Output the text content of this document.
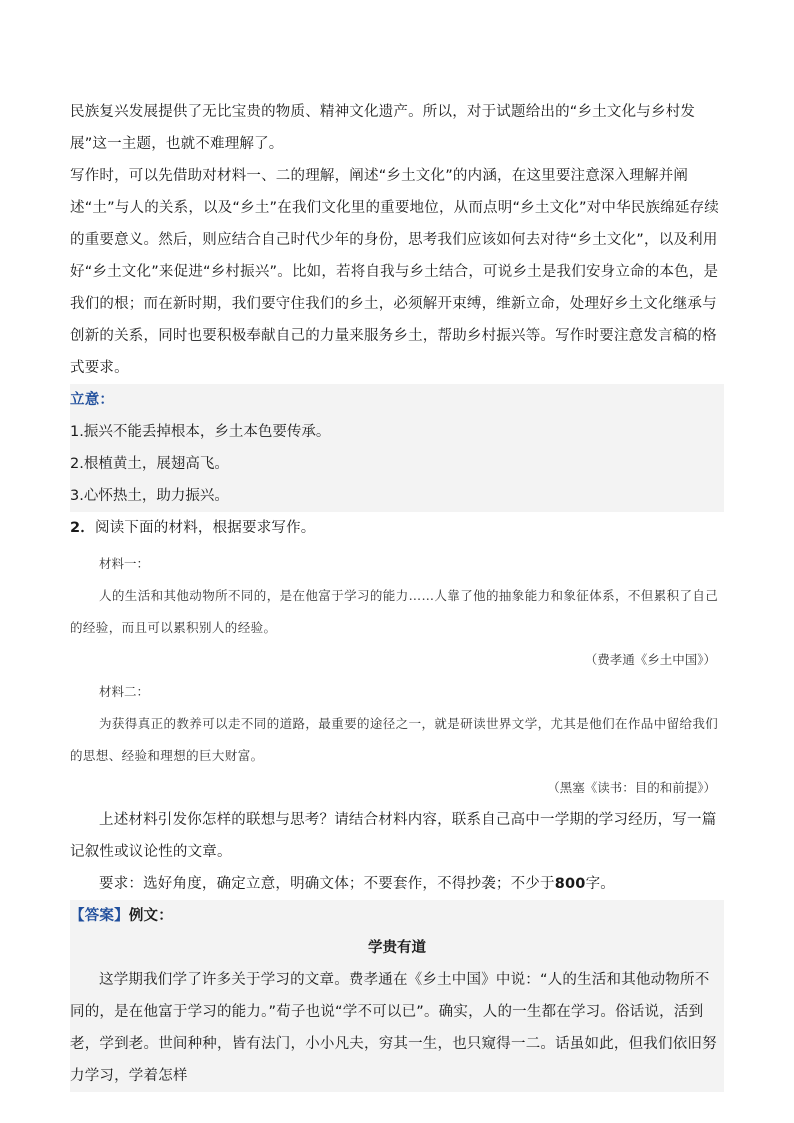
民族复兴发展提供了无比宝贵的物质、精神文化遗产。所以，对于试题给出的“乡土文化与乡村发展”这一主题，也就不难理解了。

写作时，可以先借助对材料一、二的理解，阐述“乡土文化”的内涵，在这里要注意深入理解并阐述“土”与人的关系，以及“乡土”在我们文化里的重要地位，从而点明“乡土文化”对中华民族绵延存续的重要意义。然后，则应结合自己时代少年的身份，思考我们应该如何去对待“乡土文化”，以及利用好“乡土文化”来促进“乡村振兴”。比如，若将自我与乡土结合，可说乡土是我们安身立命的本色，是我们的根；而在新时期，我们要守住我们的乡土，必须解开束缚，维新立命，处理好乡土文化继承与创新的关系，同时也要积极奉献自己的力量来服务乡土，帮助乡村振兴等。写作时要注意发言稿的格式要求。

立意：

1.振兴不能丢掉根本，乡土本色要传承。

2.根植黄土，展翅高飞。

3.心怀热土，助力振兴。

2．阅读下面的材料，根据要求写作。

材料一：

人的生活和其他动物所不同的，是在他富于学习的能力……人靠了他的抽象能力和象征体系，不但累积了自己的经验，而且可以累积别人的经验。

（费孝通《乡土中国》）

材料二：

为获得真正的教养可以走不同的道路，最重要的途径之一，就是研读世界文学，尤其是他们在作品中留给我们的思想、经验和理想的巨大财富。

（黑塞《读书：目的和前提》）

上述材料引发你怎样的联想与思考？请结合材料内容，联系自己高中一学期的学习经历，写一篇记叙性或议论性的文章。

要求：选好角度，确定立意，明确文体；不要套作，不得抄袭；不少于800字。

【答案】例文：

学贵有道

这学期我们学了许多关于学习的文章。费孝通在《乡土中国》中说：“人的生活和其他动物所不同的，是在他富于学习的能力。”荀子也说“学不可以已”。确实，人的一生都在学习。俗话说，活到老，学到老。世间种种，皆有法门，小小凡夫，穷其一生，也只窥得一二。话虽如此，但我们依旧努力学习，学着怎样
